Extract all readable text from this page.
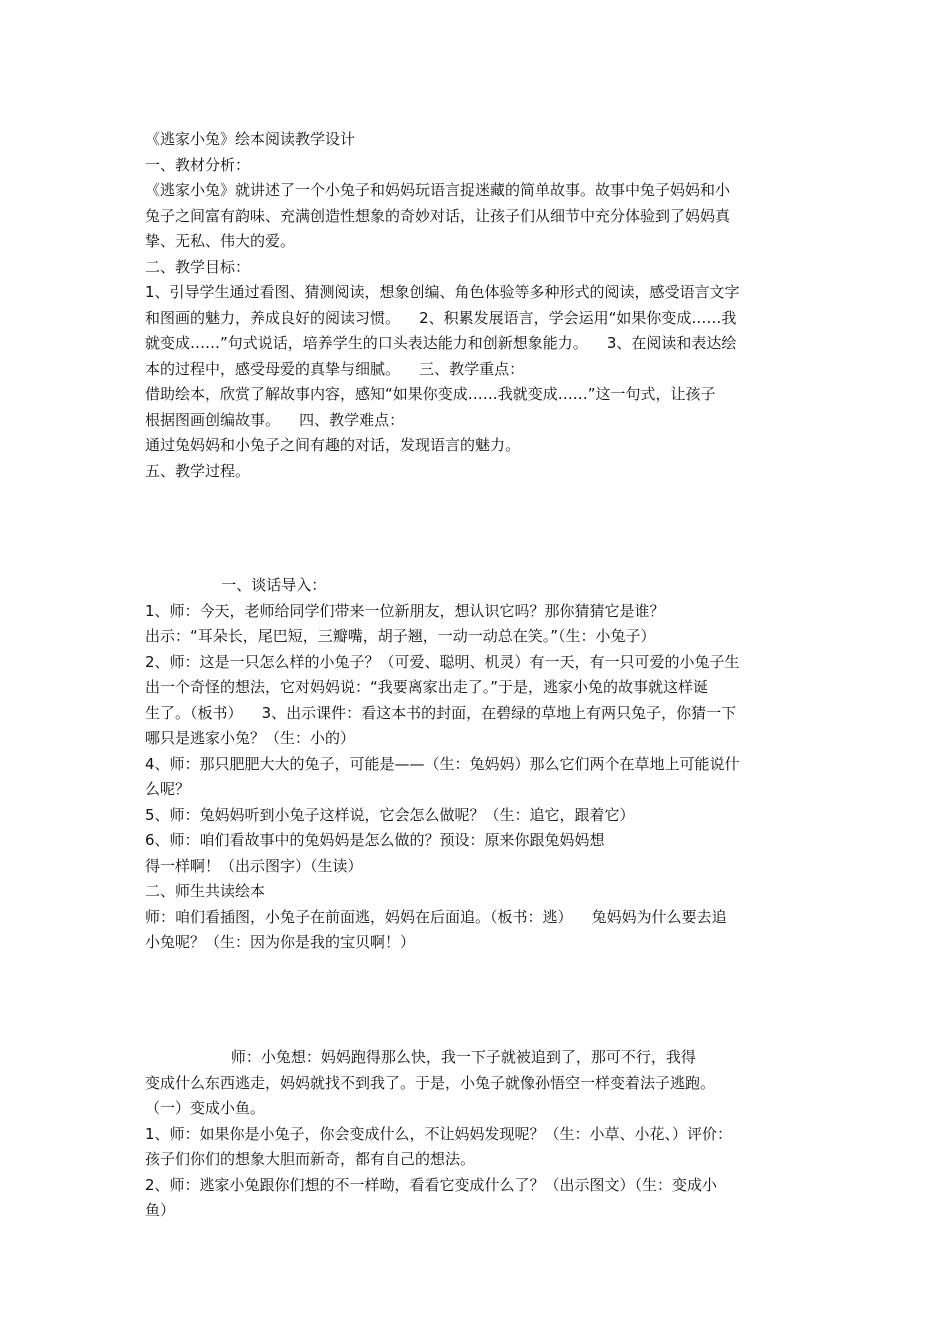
《逃家小兔》绘本阅读教学设计
一、教材分析：
《逃家小兔》就讲述了一个小兔子和妈妈玩语言捉迷藏的简单故事。故事中兔子妈妈和小
兔子之间富有韵味、充满创造性想象的奇妙对话，让孩子们从细节中充分体验到了妈妈真
挚、无私、伟大的爱。
二、教学目标：
1、引导学生通过看图、猜测阅读，想象创编、角色体验等多种形式的阅读，感受语言文字
和图画的魅力，养成良好的阅读习惯。    2、积累发展语言，学会运用“如果你变成……我
就变成……”句式说话，培养学生的口头表达能力和创新想象能力。    3、在阅读和表达绘
本的过程中，感受母爱的真挚与细腻。    三、教学重点：
借助绘本，欣赏了解故事内容，感知“如果你变成……我就变成……”这一句式，让孩子
根据图画创编故事。    四、教学难点：
通过兔妈妈和小兔子之间有趣的对话，发现语言的魅力。
五、教学过程。
一、谈话导入：
1、师：今天，老师给同学们带来一位新朋友，想认识它吗？那你猜猜它是谁？
出示：“耳朵长，尾巴短，三瓣嘴，胡子翘，一动一动总在笑。”（生：小兔子）
2、师：这是一只怎么样的小兔子？（可爱、聪明、机灵）有一天，有一只可爱的小兔子生
出一个奇怪的想法，它对妈妈说：“我要离家出走了。”于是，逃家小兔的故事就这样诞
生了。（板书）    3、出示课件：看这本书的封面，在碧绿的草地上有两只兔子，你猜一下
哪只是逃家小兔？（生：小的）
4、师：那只肥肥大大的兔子，可能是——（生：兔妈妈）那么它们两个在草地上可能说什
么呢？
5、师：兔妈妈听到小兔子这样说，它会怎么做呢？（生：追它，跟着它）
6、师：咱们看故事中的兔妈妈是怎么做的？预设：原来你跟兔妈妈想
得一样啊！（出示图字）（生读）
二、师生共读绘本
师：咱们看插图，小兔子在前面逃，妈妈在后面追。（板书：逃）    兔妈妈为什么要去追
小兔呢？（生：因为你是我的宝贝啊！）
师：小兔想：妈妈跑得那么快，我一下子就被追到了，那可不行，我得
变成什么东西逃走，妈妈就找不到我了。于是，小兔子就像孙悟空一样变着法子逃跑。
（一）变成小鱼。
1、师：如果你是小兔子，你会变成什么，不让妈妈发现呢？（生：小草、小花、）评价：
孩子们你们的想象大胆而新奇，都有自己的想法。
2、师：逃家小兔跟你们想的不一样呦，看看它变成什么了？（出示图文）（生：变成小
鱼）
